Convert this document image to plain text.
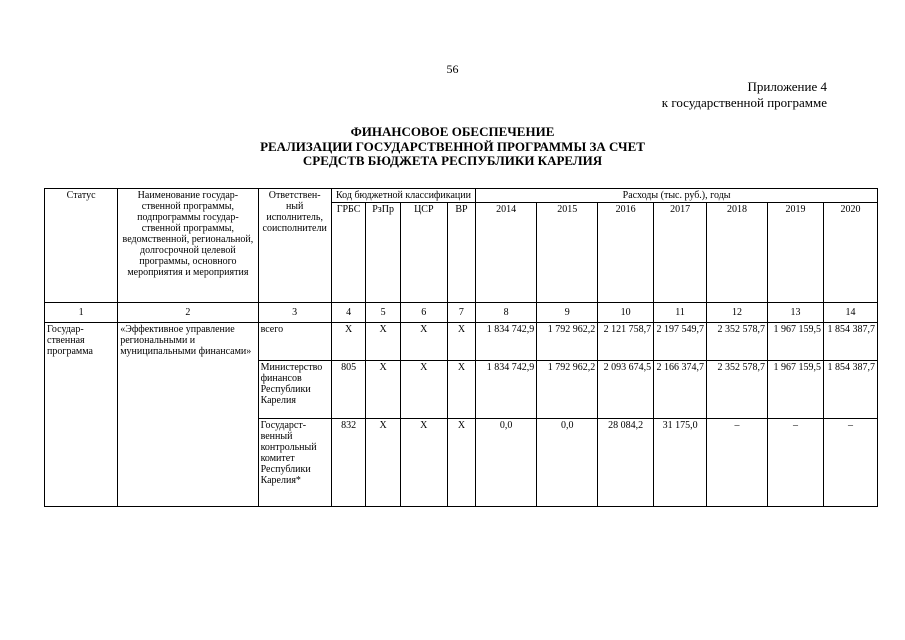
56
Приложение 4
к государственной программе
ФИНАНСОВОЕ ОБЕСПЕЧЕНИЕ
РЕАЛИЗАЦИИ ГОСУДАРСТВЕННОЙ ПРОГРАММЫ ЗА СЧЕТ
СРЕДСТВ БЮДЖЕТА РЕСПУБЛИКИ КАРЕЛИЯ
Статус	Наименование государ-ственной программы, подпрограммы государ-ственной программы, ведомственной, региональной, долгосрочной целевой программы, основного мероприятия и мероприятия	Ответствен-ный исполнитель, соисполнители	Код бюджетной классификации				Расходы (тыс. руб.), годы						
			ГРБС	РзПр	ЦСР	ВР	2014	2015	2016	2017	2018	2019	2020
1	2	3	4	5	6	7	8	9	10	11	12	13	14
Государ-ственная программа	«Эффективное управление региональными и муниципальными финансами»	всего	Х	Х	Х	Х	1 834 742,9	1 792 962,2	2 121 758,7	2 197 549,7	2 352 578,7	1 967 159,5	1 854 387,7
		Министерство финансов Республики Карелия	805	Х	Х	Х	1 834 742,9	1 792 962,2	2 093 674,5	2 166 374,7	2 352 578,7	1 967 159,5	1 854 387,7
		Государст-венный контрольный комитет Республики Карелия*	832	Х	Х	Х	0,0	0,0	28 084,2	31 175,0	–	–	–
